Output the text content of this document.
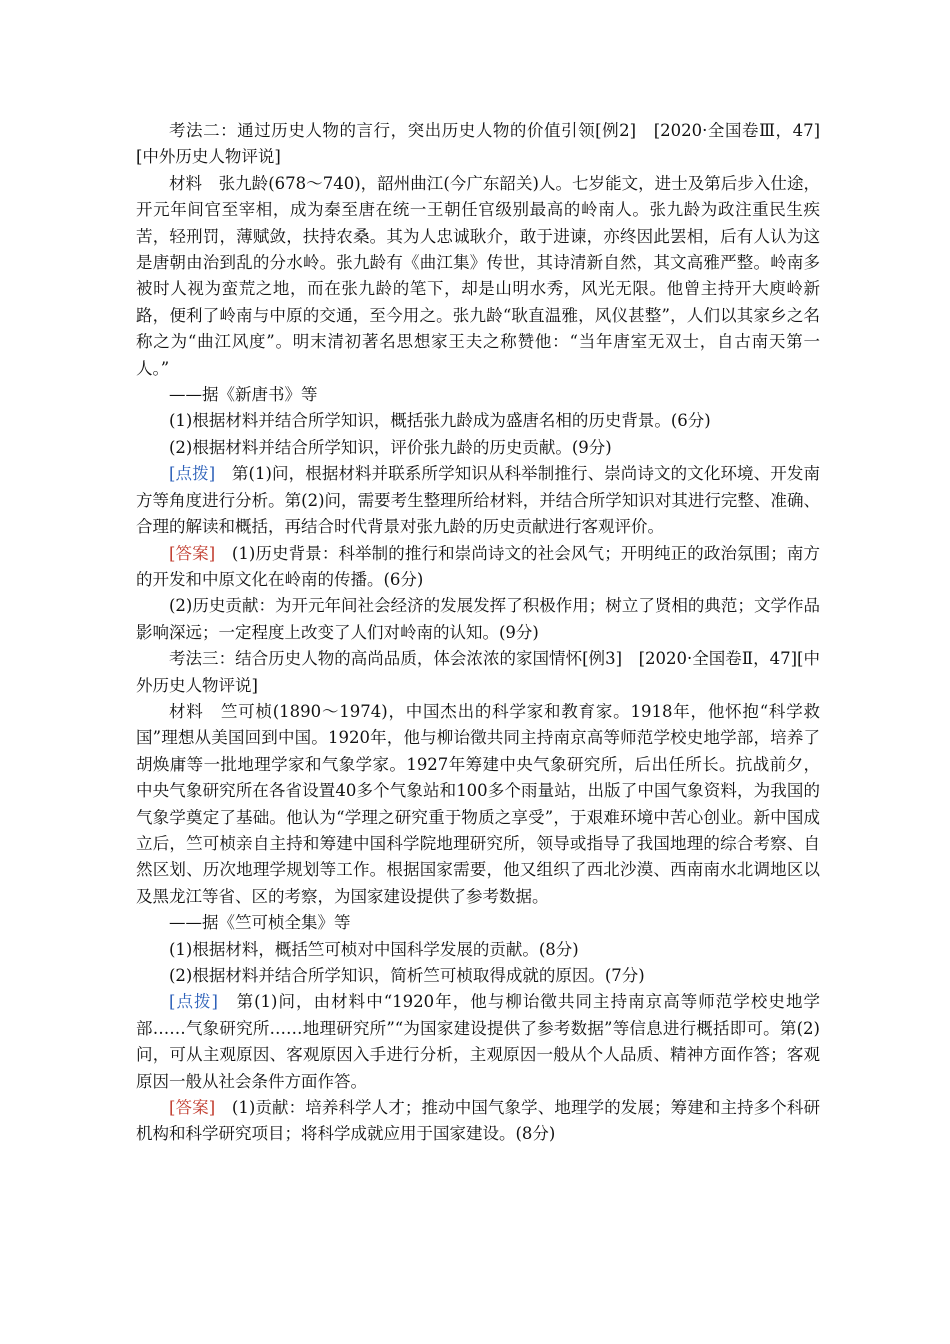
考法二：通过历史人物的言行，突出历史人物的价值引领[例2]　[2020·全国卷Ⅲ，47][中外历史人物评说]

材料　张九龄(678～740)，韶州曲江(今广东韶关)人。七岁能文，进士及第后步入仕途，开元年间官至宰相，成为秦至唐在统一王朝任官级别最高的岭南人。张九龄为政注重民生疾苦，轻刑罚，薄赋敛，扶持农桑。其为人忠诚耿介，敢于进谏，亦终因此罢相，后有人认为这是唐朝由治到乱的分水岭。张九龄有《曲江集》传世，其诗清新自然，其文高雅严整。岭南多被时人视为蛮荒之地，而在张九龄的笔下，却是山明水秀，风光无限。他曾主持开大庾岭新路，便利了岭南与中原的交通，至今用之。张九龄“耿直温雅，风仪甚整”，人们以其家乡之名称之为“曲江风度”。明末清初著名思想家王夫之称赞他：“当年唐室无双士，自古南天第一人。”

——据《新唐书》等

(1)根据材料并结合所学知识，概括张九龄成为盛唐名相的历史背景。(6分)

(2)根据材料并结合所学知识，评价张九龄的历史贡献。(9分)

[点拨]　第(1)问，根据材料并联系所学知识从科举制推行、崇尚诗文的文化环境、开发南方等角度进行分析。第(2)问，需要考生整理所给材料，并结合所学知识对其进行完整、准确、合理的解读和概括，再结合时代背景对张九龄的历史贡献进行客观评价。

[答案]　(1)历史背景：科举制的推行和崇尚诗文的社会风气；开明纯正的政治氛围；南方的开发和中原文化在岭南的传播。(6分)

(2)历史贡献：为开元年间社会经济的发展发挥了积极作用；树立了贤相的典范；文学作品影响深远；一定程度上改变了人们对岭南的认知。(9分)

考法三：结合历史人物的高尚品质，体会浓浓的家国情怀[例3]　[2020·全国卷Ⅱ，47][中外历史人物评说]

材料　竺可桢(1890～1974)，中国杰出的科学家和教育家。1918年，他怀抱“科学救国”理想从美国回到中国。1920年，他与柳诒徵共同主持南京高等师范学校史地学部，培养了胡焕庸等一批地理学家和气象学家。1927年筹建中央气象研究所，后出任所长。抗战前夕，中央气象研究所在各省设置40多个气象站和100多个雨量站，出版了中国气象资料，为我国的气象学奠定了基础。他认为“学理之研究重于物质之享受”，于艰难环境中苦心创业。新中国成立后，竺可桢亲自主持和筹建中国科学院地理研究所，领导或指导了我国地理的综合考察、自然区划、历次地理学规划等工作。根据国家需要，他又组织了西北沙漠、西南南水北调地区以及黑龙江等省、区的考察，为国家建设提供了参考数据。

——据《竺可桢全集》等

(1)根据材料，概括竺可桢对中国科学发展的贡献。(8分)

(2)根据材料并结合所学知识，简析竺可桢取得成就的原因。(7分)

[点拨]　第(1)问，由材料中“1920年，他与柳诒徵共同主持南京高等师范学校史地学部……气象研究所……地理研究所”“为国家建设提供了参考数据”等信息进行概括即可。第(2)问，可从主观原因、客观原因入手进行分析，主观原因一般从个人品质、精神方面作答；客观原因一般从社会条件方面作答。

[答案]　(1)贡献：培养科学人才；推动中国气象学、地理学的发展；筹建和主持多个科研机构和科学研究项目；将科学成就应用于国家建设。(8分)
